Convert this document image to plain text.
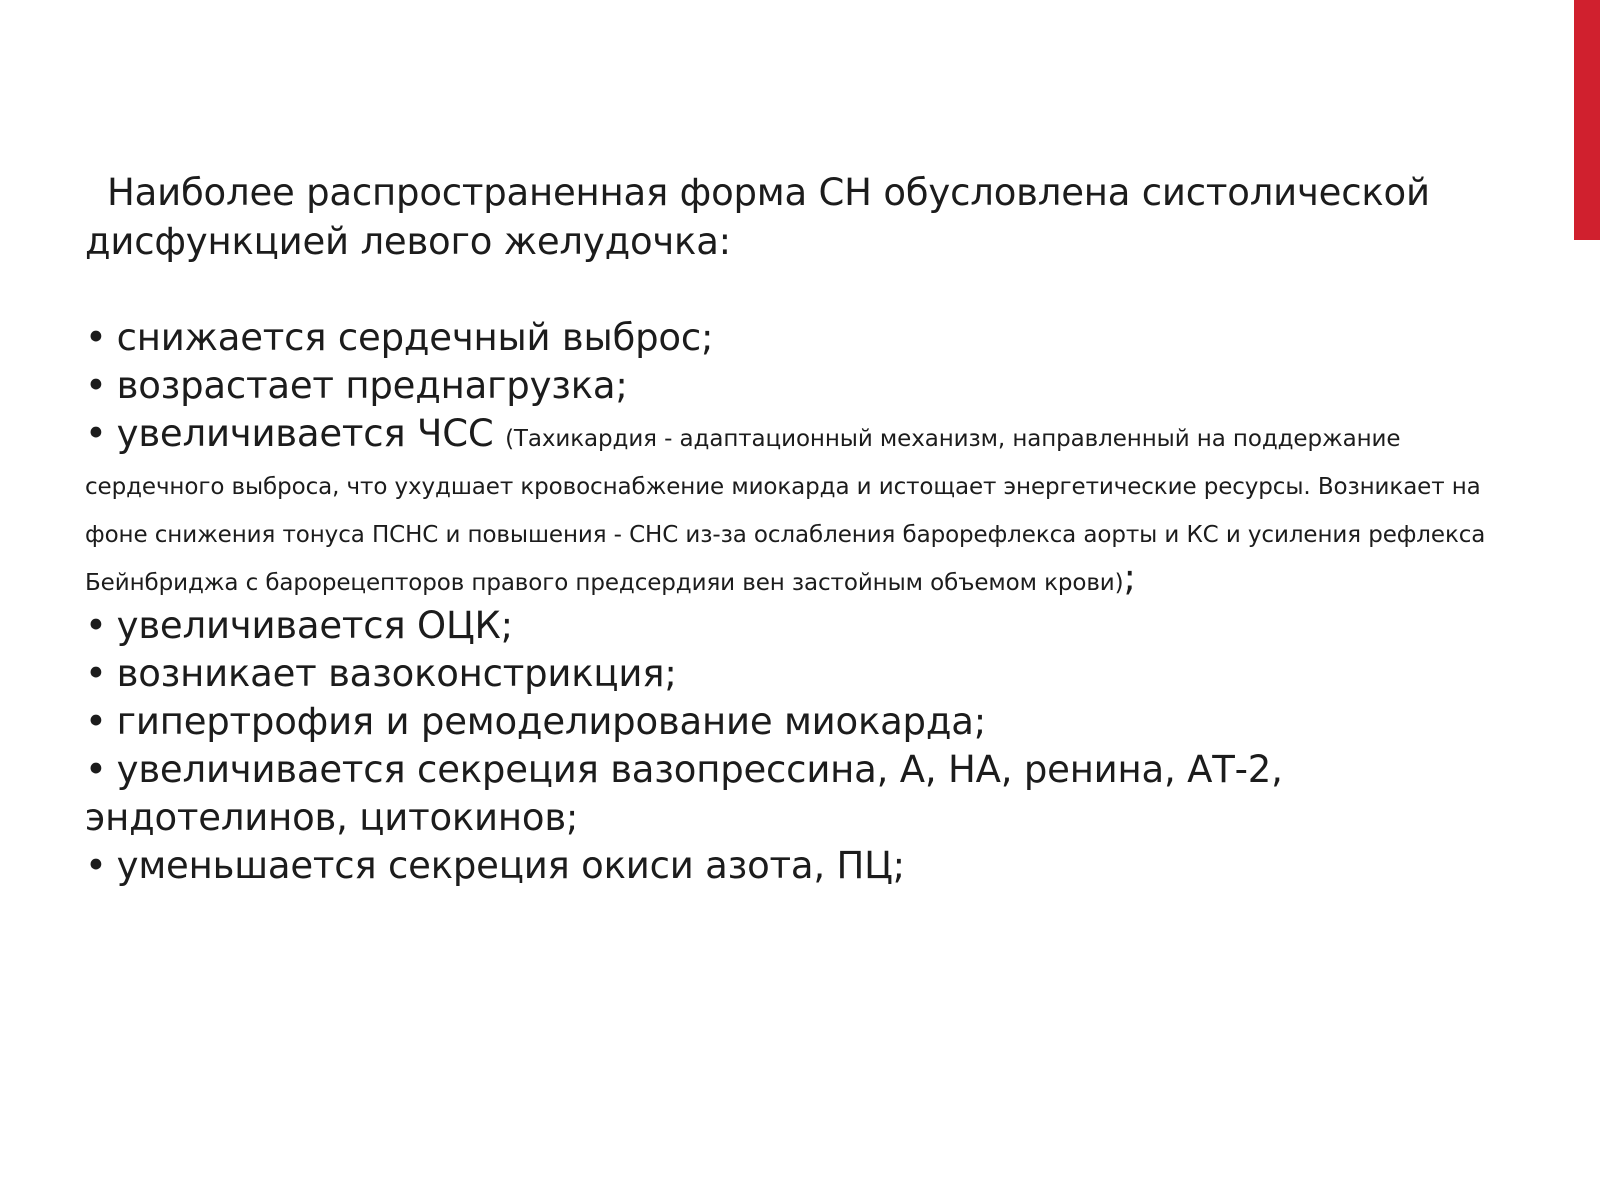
Наиболее распространенная форма СН обусловлена систолической дисфункцией левого желудочка:

• снижается сердечный выброс;
• возрастает преднагрузка;
• увеличивается ЧСС (Тахикардия - адаптационный механизм, направленный на поддержание сердечного выброса, что ухудшает кровоснабжение миокарда и истощает энергетические ресурсы. Возникает на фоне снижения тонуса ПСНС и повышения - СНС из-за ослабления барорефлекса аорты и КС и усиления рефлекса Бейнбриджа с барорецепторов правого предсердияи вен застойным объемом крови);
• увеличивается ОЦК;
• возникает вазоконстрикция;
• гипертрофия и ремоделирование миокарда;
• увеличивается секреция вазопрессина, А, НА, ренина, АТ-2, эндотелинов, цитокинов;
• уменьшается секреция окиси азота, ПЦ;
